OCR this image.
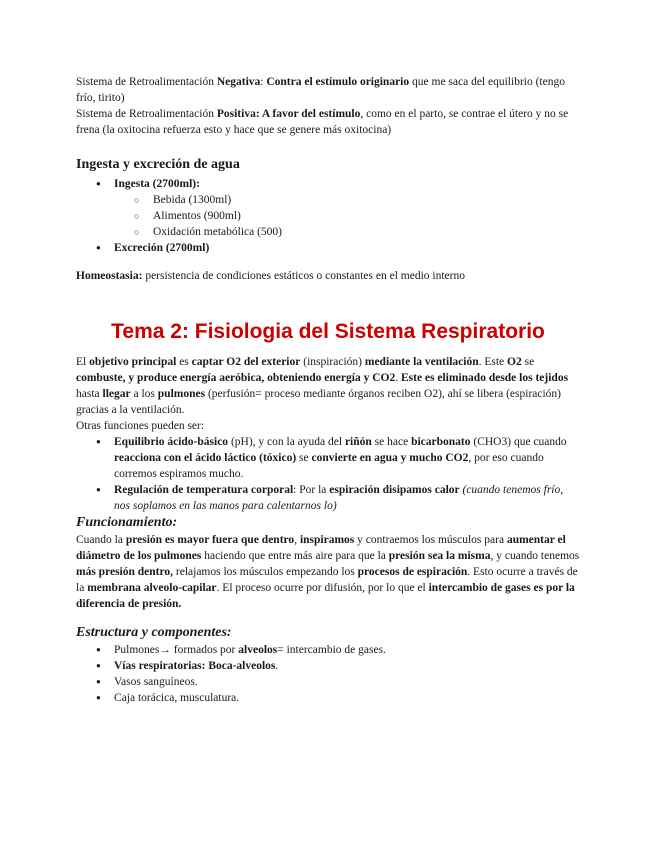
Sistema de Retroalimentación Negativa: Contra el estímulo originario que me saca del equilibrio (tengo frío, tirito)

Sistema de Retroalimentación Positiva: A favor del estímulo, como en el parto, se contrae el útero y no se frena (la oxitocina refuerza esto y hace que se genere más oxitocina)

Ingesta y excreción de agua
● Ingesta (2700ml):
○ Bebida (1300ml)
○ Alimentos (900ml)
○ Oxidación metabólica (500)
● Excreción (2700ml)

Homeostasia: persistencia de condiciones estáticos o constantes en el medio interno

Tema 2: Fisiologia del Sistema Respiratorio

El objetivo principal es captar O2 del exterior (inspiración) mediante la ventilación. Este O2 se combuste, y produce energía aeróbica, obteniendo energía y CO2. Este es eliminado desde los tejidos hasta llegar a los pulmones (perfusión= proceso mediante órganos reciben O2), ahí se libera (espiración) gracias a la ventilación.

Otras funciones pueden ser:

● Equilibrio ácido-básico (pH), y con la ayuda del riñón se hace bicarbonato (CHO3) que cuando reacciona con el ácido láctico (tóxico) se convierte en agua y mucho CO2, por eso cuando corremos espiramos mucho.
● Regulación de temperatura corporal: Por la espiración disipamos calor (cuando tenemos frío, nos soplamos en las manos para calentarnos lo)
Funcionamiento:

Cuando la presión es mayor fuera que dentro, inspiramos y contraemos los músculos para aumentar el diámetro de los pulmones haciendo que entre más aire para que la presión sea la misma, y cuando tenemos más presión dentro, relajamos los músculos empezando los procesos de espiración. Esto ocurre a través de la membrana alveolo-capilar. El proceso ocurre por difusión, por lo que el intercambio de gases es por la diferencia de presión.

Estructura y componentes:
● Pulmones→ formados por alveolos= intercambio de gases.
● Vías respiratorias: Boca-alveolos.
● Vasos sanguíneos.
● Caja torácica, musculatura.
